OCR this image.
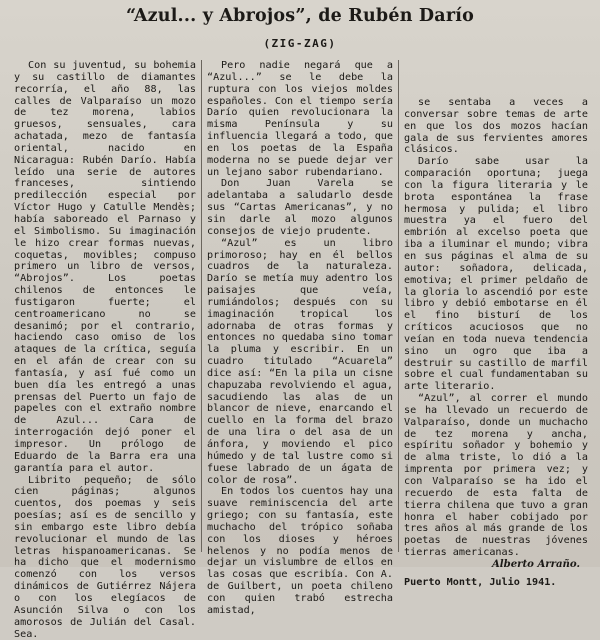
“Azul... y Abrojos”, de Rubén Darío
(ZIG-ZAG)

Con su juventud, su bohemia y su castillo de diamantes recorría, el año 88, las calles de Valparaíso un mozo de tez morena, labios gruesos, sensuales, cara achatada, mezo de fantasía oriental, nacido en Nicaragua: Rubén Darío. Había leído una serie de autores franceses, sintiendo predilección especial por Víctor Hugo y Catulle Mendès; había saboreado el Parnaso y el Simbolismo. Su imaginación le hizo crear formas nuevas, coquetas, movibles; compuso primero un libro de versos, “Abrojos”. Los poetas chilenos de entonces le fustigaron fuerte; el centroamericano no se desanimó; por el contrario, haciendo caso omiso de los ataques de la crítica, seguía en el afán de crear con su fantasía, y así fué como un buen día les entregó a unas prensas del Puerto un fajo de papeles con el extraño nombre de Azul... Cara de interrogación dejó poner el impresor. Un prólogo de Eduardo de la Barra era una garantía para el autor.

Librito pequeño; de sólo cien páginas; algunos cuentos, dos poemas y seis poesías; así es de sencillo y sin embargo este libro debía revolucionar el mundo de las letras hispanoamericanas. Se ha dicho que el modernismo comenzó con los versos dinámicos de Gutiérrez Nájera o con los elegíacos de Asunción Silva o con los amorosos de Julián del Casal. Sea.

Pero nadie negará que a “Azul...” se le debe la ruptura con los viejos moldes españoles. Con el tiempo sería Darío quien revolucionara la misma Península y su influencia llegará a todo, que en los poetas de la España moderna no se puede dejar ver un lejano sabor rubendariano.

Don Juan Varela se adelantaba a saludarlo desde sus “Cartas Americanas”, y no sin darle al mozo algunos consejos de viejo prudente.

“Azul” es un libro primoroso; hay en él bellos cuadros de la naturaleza. Darío se metía muy adentro los paisajes que veía, rumiándolos; después con su imaginación tropical los adornaba de otras formas y entonces no quedaba sino tomar la pluma y escribir. En un cuadro titulado “Acuarela” dice así: “En la pila un cisne chapuzaba revolviendo el agua, sacudiendo las alas de un blancor de nieve, enarcando el cuello en la forma del brazo de una lira o del asa de un ánfora, y moviendo el pico húmedo y de tal lustre como si fuese labrado de un ágata de color de rosa”.

En todos los cuentos hay una suave reminiscencia del arte griego; con su fantasía, este muchacho del trópico soñaba con los dioses y héroes helenos y no podía menos de dejar un vislumbre de ellos en las cosas que escribía. Con A. de Guilbert, un poeta chileno con quien trabó estrecha amistad,

se sentaba a veces a conversar sobre temas de arte en que los dos mozos hacían gala de sus fervientes amores clásicos.

Darío sabe usar la comparación oportuna; juega con la figura literaria y le brota espontánea la frase hermosa y pulida; el libro muestra ya el fuero del embrión al excelso poeta que iba a iluminar el mundo; vibra en sus páginas el alma de su autor: soñadora, delicada, emotiva; el primer peldaño de la gloria lo ascendió por este libro y debió embotarse en él el fino bisturí de los críticos acuciosos que no veían en toda nueva tendencia sino un ogro que iba a destruir su castillo de marfil sobre el cual fundamentaban su arte literario.

“Azul”, al correr el mundo se ha llevado un recuerdo de Valparaíso, donde un muchacho de tez morena y ancha, espíritu soñador y bohemio y de alma triste, lo dió a la imprenta por primera vez; y con Valparaíso se ha ido el recuerdo de esta falta de tierra chilena que tuvo a gran honra el haber cobijado por tres años al más grande de los poetas de nuestras jóvenes tierras americanas.

Alberto Arraño.

Puerto Montt, Julio 1941.
